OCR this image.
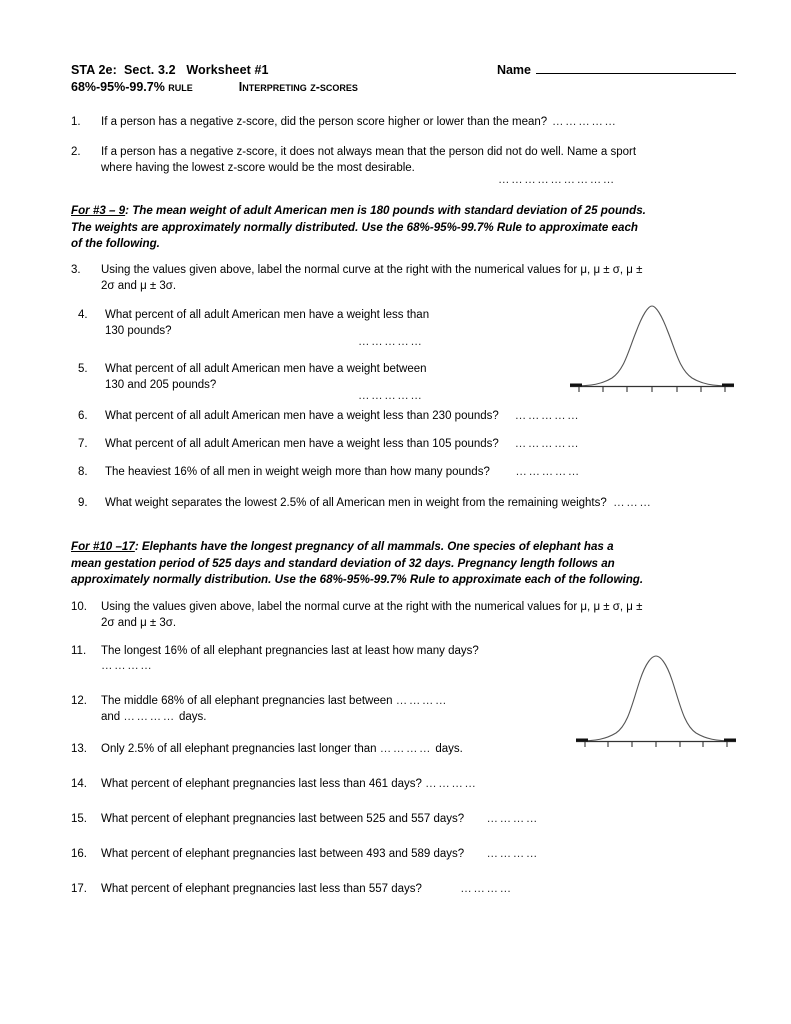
STA 2e:  Sect. 3.2   Worksheet #1	Name
68%-95%-99.7% rule	Interpreting z-scores
1.	If a person has a negative z-score, did the person score higher or lower than the mean? ……………
2.	If a person has a negative z-score, it does not always mean that the person did not do well. Name a sport
where having the lowest z-score would be the most desirable.
………………………
For #3 – 9: The mean weight of adult American men is 180 pounds with standard deviation of 25 pounds.
The weights are approximately normally distributed. Use the 68%-95%-99.7% Rule to approximate each
of the following.
3.	Using the values given above, label the normal curve at the right with the numerical values for μ, μ ± σ, μ ±
2σ and μ ± 3σ.
4.	What percent of all adult American men have a weight less than
130 pounds?
……………
5.	What percent of all adult American men have a weight between
130 and 205 pounds?
……………
6.	What percent of all adult American men have a weight less than 230 pounds? ……………
7.	What percent of all adult American men have a weight less than 105 pounds? ……………
8.	The heaviest 16% of all men in weight weigh more than how many pounds? ……………
9.	What weight separates the lowest 2.5% of all American men in weight from the remaining weights? ………
For #10 –17: Elephants have the longest pregnancy of all mammals. One species of elephant has a
mean gestation period of 525 days and standard deviation of 32 days. Pregnancy length follows an
approximately normally distribution. Use the 68%-95%-99.7% Rule to approximate each of the following.
10.	Using the values given above, label the normal curve at the right with the numerical values for μ, μ ± σ, μ ±
2σ and μ ± 3σ.
11.	The longest 16% of all elephant pregnancies last at least how many days?
…………
12.	The middle 68% of all elephant pregnancies last between …………
and ………… days.
13.	Only 2.5% of all elephant pregnancies last longer than ………… days.
14.	What percent of elephant pregnancies last less than 461 days? …………
15.	What percent of elephant pregnancies last between 525 and 557 days? …………
16.	What percent of elephant pregnancies last between 493 and 589 days? …………
17.	What percent of elephant pregnancies last less than 557 days?	…………
